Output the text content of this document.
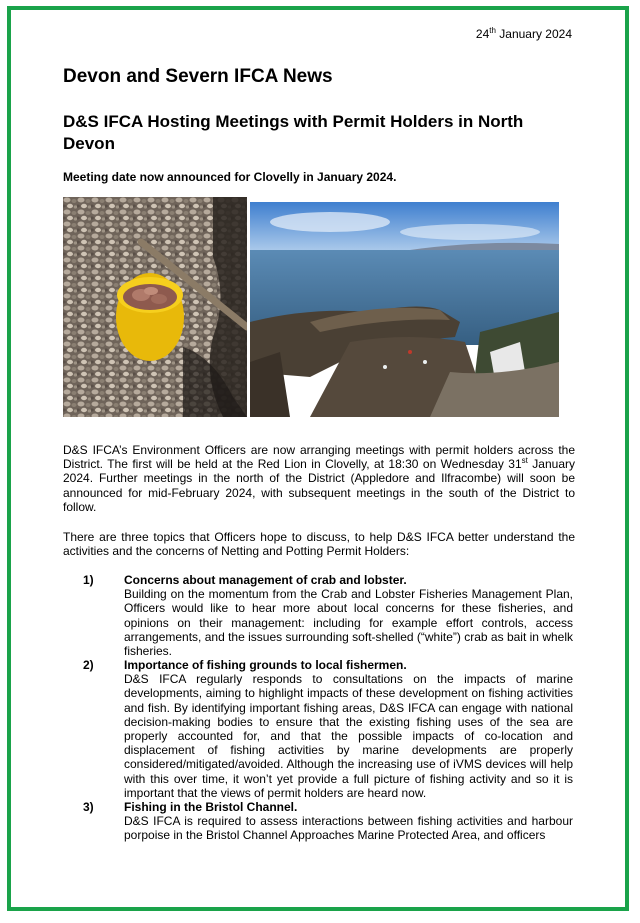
24th January 2024
Devon and Severn IFCA News
D&S IFCA Hosting Meetings with Permit Holders in North Devon
Meeting date now announced for Clovelly in January 2024.
D&S IFCA’s Environment Officers are now arranging meetings with permit holders across the District. The first will be held at the Red Lion in Clovelly, at 18:30 on Wednesday 31st January 2024. Further meetings in the north of the District (Appledore and Ilfracombe) will soon be announced for mid-February 2024, with subsequent meetings in the south of the District to follow.
There are three topics that Officers hope to discuss, to help D&S IFCA better understand the activities and the concerns of Netting and Potting Permit Holders:
1)	Concerns about management of crab and lobster.
Building on the momentum from the Crab and Lobster Fisheries Management Plan, Officers would like to hear more about local concerns for these fisheries, and opinions on their management: including for example effort controls, access arrangements, and the issues surrounding soft-shelled (“white”) crab as bait in whelk fisheries.
2)	Importance of fishing grounds to local fishermen.
D&S IFCA regularly responds to consultations on the impacts of marine developments, aiming to highlight impacts of these development on fishing activities and fish. By identifying important fishing areas, D&S IFCA can engage with national decision-making bodies to ensure that the existing fishing uses of the sea are properly accounted for, and that the possible impacts of co-location and displacement of fishing activities by marine developments are properly considered/mitigated/avoided. Although the increasing use of iVMS devices will help with this over time, it won’t yet provide a full picture of fishing activity and so it is important that the views of permit holders are heard now.
3)	Fishing in the Bristol Channel.
D&S IFCA is required to assess interactions between fishing activities and harbour porpoise in the Bristol Channel Approaches Marine Protected Area, and officers
